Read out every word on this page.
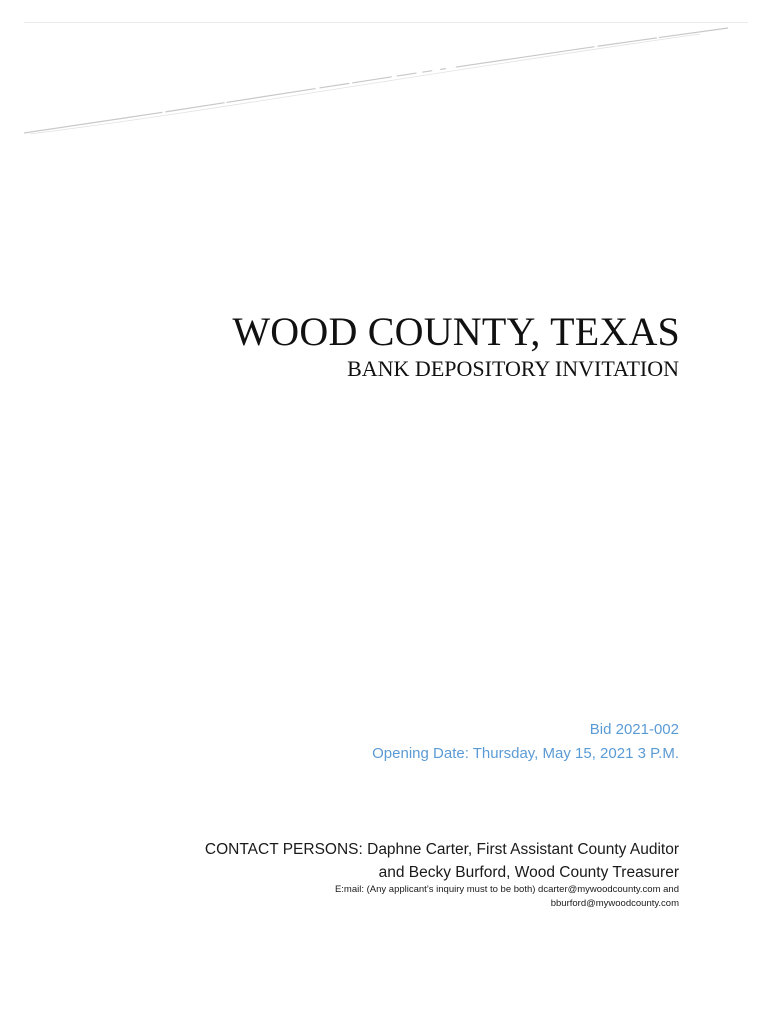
WOOD COUNTY, TEXAS
BANK DEPOSITORY INVITATION
Bid 2021-002
Opening Date: Thursday, May 15, 2021 3 P.M.
CONTACT PERSONS: Daphne Carter, First Assistant County Auditor
and Becky Burford, Wood County Treasurer
E:mail: (Any applicant’s inquiry must to be both) dcarter@mywoodcounty.com and
bburford@mywoodcounty.com
